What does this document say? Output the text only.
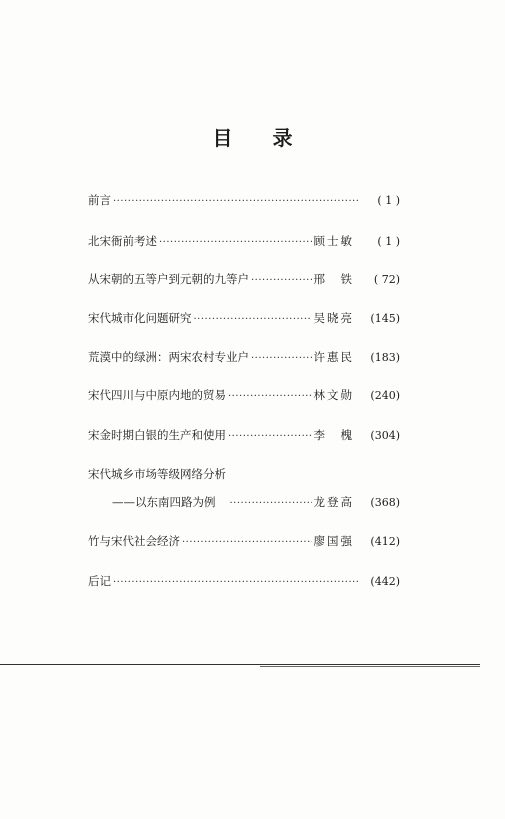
目 录
前言 ·····	( 1 )
北宋衙前考述 ·····	顾士敏	( 1 )
从宋朝的五等户到元朝的九等户 ·····	邢　铁	( 72)
宋代城市化问题研究 ·····	吴晓亮	(145)
荒漠中的绿洲：两宋农村专业户 ·····	许惠民	(183)
宋代四川与中原内地的贸易 ·····	林文勋	(240)
宋金时期白银的生产和使用 ·····	李　槐	(304)
宋代城乡市场等级网络分析
——以东南四路为例 ·····	龙登高	(368)
竹与宋代社会经济 ·····	廖国强	(412)
后记 ·····	(442)
